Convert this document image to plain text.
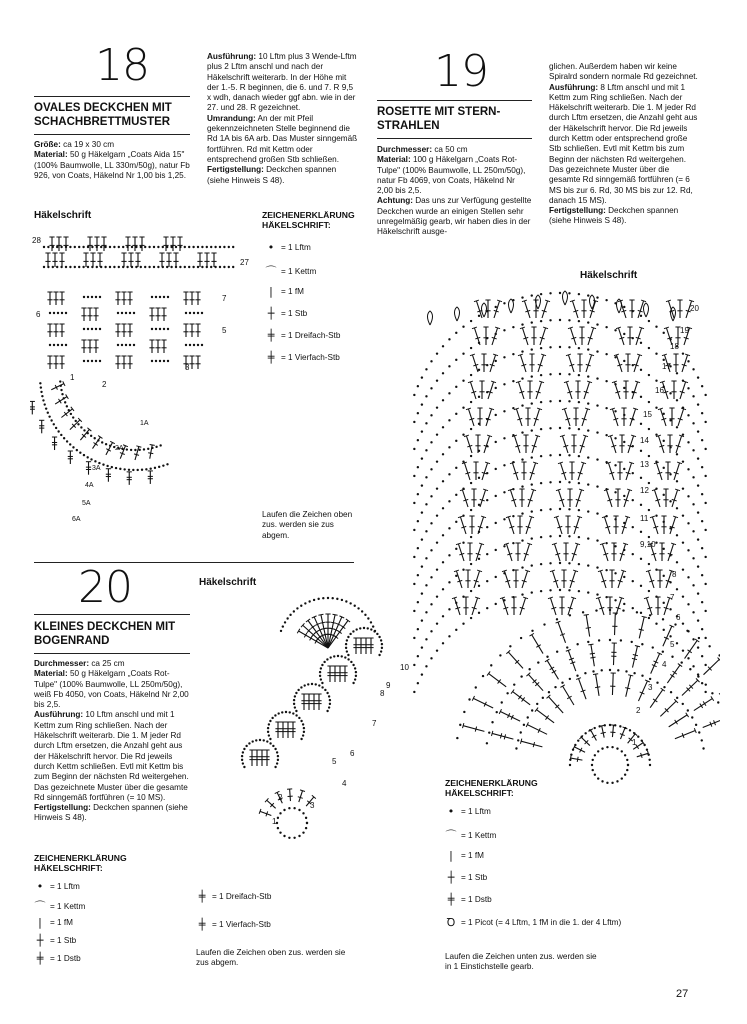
18
OVALES DECKCHEN MIT
SCHACHBRETTMUSTER
Größe: ca 19 x 30 cm
Material: 50 g Häkelgarn „Coats Aida 15" (100% Baumwolle, LL 330m/50g), natur Fb 926, von Coats, Häkelnd Nr 1,00 bis 1,25.
Ausführung: 10 Lftm plus 3 Wende-Lftm plus 2 Lftm anschl und nach der Häkelschrift weiterarb. In der Höhe mit der 1.-5. R beginnen, die 6. und 7. R 9,5 x wdh, danach wieder ggf abn. wie in der 27. und 28. R gezeichnet.
Umrandung: An der mit Pfeil gekennzeichneten Stelle beginnend die Rd 1A bis 6A arb. Das Muster sinngemäß fortführen. Rd mit Kettm oder entsprechend großen Stb schließen.
Fertigstellung: Deckchen spannen (siehe Hinweis S 48).
Häkelschrift	ZEICHENERKLÄRUNG HÄKELSCHRIFT:
• = 1 Lftm
⌒ = 1 Kettm
| = 1 fM
┼ = 1 Stb
╪ = 1 Dreifach-Stb
╪ = 1 Vierfach-Stb
Laufen die Zeichen oben zus. werden sie zus abgem.
28
27
7
6
5
3
2
1
1A
2A
3A
4A
5A
6A
19
ROSETTE MIT STERN-
STRAHLEN
Durchmesser: ca 50 cm
Material: 100 g Häkelgarn „Coats Rot-Tulpe" (100% Baumwolle, LL 250m/50g), natur Fb 4069, von Coats, Häkelnd Nr 2,00 bis 2,5.
Achtung: Das uns zur Verfügung gestellte Deckchen wurde an einigen Stellen sehr unregelmäßig gearb, wir haben dies in der Häkelschrift ausge-
glichen. Außerdem haben wir keine Spiralrd sondern normale Rd gezeichnet.
Ausführung: 8 Lftm anschl und mit 1 Kettm zum Ring schließen. Nach der Häkelschrift weiterarb. Die 1. M jeder Rd durch Lftm ersetzen, die Anzahl geht aus der Häkelschrift hervor. Die Rd jeweils durch Kettm oder entsprechend große Stb schließen. Evtl mit Kettm bis zum Beginn der nächsten Rd weitergehen. Das gezeichnete Muster über die gesamte Rd sinngemäß fortführen (= 6 MS bis zur 6. Rd, 30 MS bis zur 12. Rd, danach 15 MS).
Fertigstellung: Deckchen spannen (siehe Hinweis S 48).
Häkelschrift
20
19
18
17
16
15
14
13
12
11
9,10
8
7
6
5
4
3
2
1
ZEICHENERKLÄRUNG HÄKELSCHRIFT:
• = 1 Lftm
⌒ = 1 Kettm
| = 1 fM
┼ = 1 Stb
╪ = 1 Dstb
Ꝺ = 1 Picot (= 4 Lftm, 1 fM in die 1. der 4 Lftm)
Laufen die Zeichen unten zus. werden sie in 1 Einstichstelle gearb.
20
KLEINES DECKCHEN MIT
BOGENRAND
Durchmesser: ca 25 cm
Material: 50 g Häkelgarn „Coats Rot-Tulpe" (100% Baumwolle, LL 250m/50g), weiß Fb 4050, von Coats, Häkelnd Nr 2,00 bis 2,5.
Ausführung: 10 Lftm anschl und mit 1 Kettm zum Ring schließen. Nach der Häkelschrift weiterarb. Die 1. M jeder Rd durch Lftm ersetzen, die Anzahl geht aus der Häkelschrift hervor. Die Rd jeweils durch Kettm schließen. Evtl mit Kettm bis zum Beginn der nächsten Rd weitergehen. Das gezeichnete Muster über die gesamte Rd sinngemäß fortführen (= 10 MS).
Fertigstellung: Deckchen spannen (siehe Hinweis S 48).
ZEICHENERKLÄRUNG HÄKELSCHRIFT:
• = 1 Lftm
⌒ = 1 Kettm
| = 1 fM
┼ = 1 Stb
╪ = 1 Dstb
╪ = 1 Dreifach-Stb
╪ = 1 Vierfach-Stb
Laufen die Zeichen oben zus. werden sie zus abgem.
Häkelschrift
10
9
8
7
6
5
4
3
2
1
27
